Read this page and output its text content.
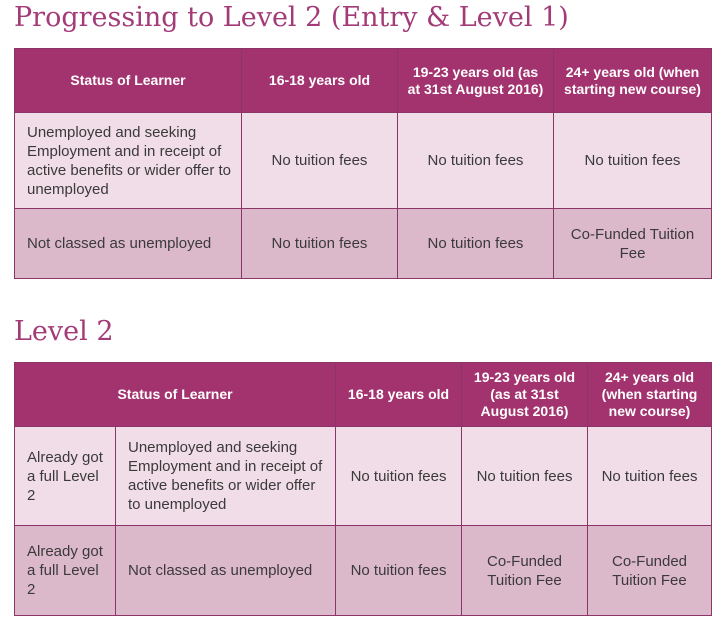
Progressing to Level 2 (Entry & Level 1)
Status of Learner	16-18 years old	19-23 years old (as at 31st August 2016)	24+ years old (when starting new course)
Unemployed and seeking Employment and in receipt of active benefits or wider offer to unemployed	No tuition fees	No tuition fees	No tuition fees
Not classed as unemployed	No tuition fees	No tuition fees	Co-Funded Tuition Fee
Level 2
Status of Learner		16-18 years old	19-23 years old (as at 31st August 2016)	24+ years old (when starting new course)
Already got a full Level 2	Unemployed and seeking Employment and in receipt of active benefits or wider offer to unemployed	No tuition fees	No tuition fees	No tuition fees
Already got a full Level 2	Not classed as unemployed	No tuition fees	Co-Funded Tuition Fee	Co-Funded Tuition Fee
